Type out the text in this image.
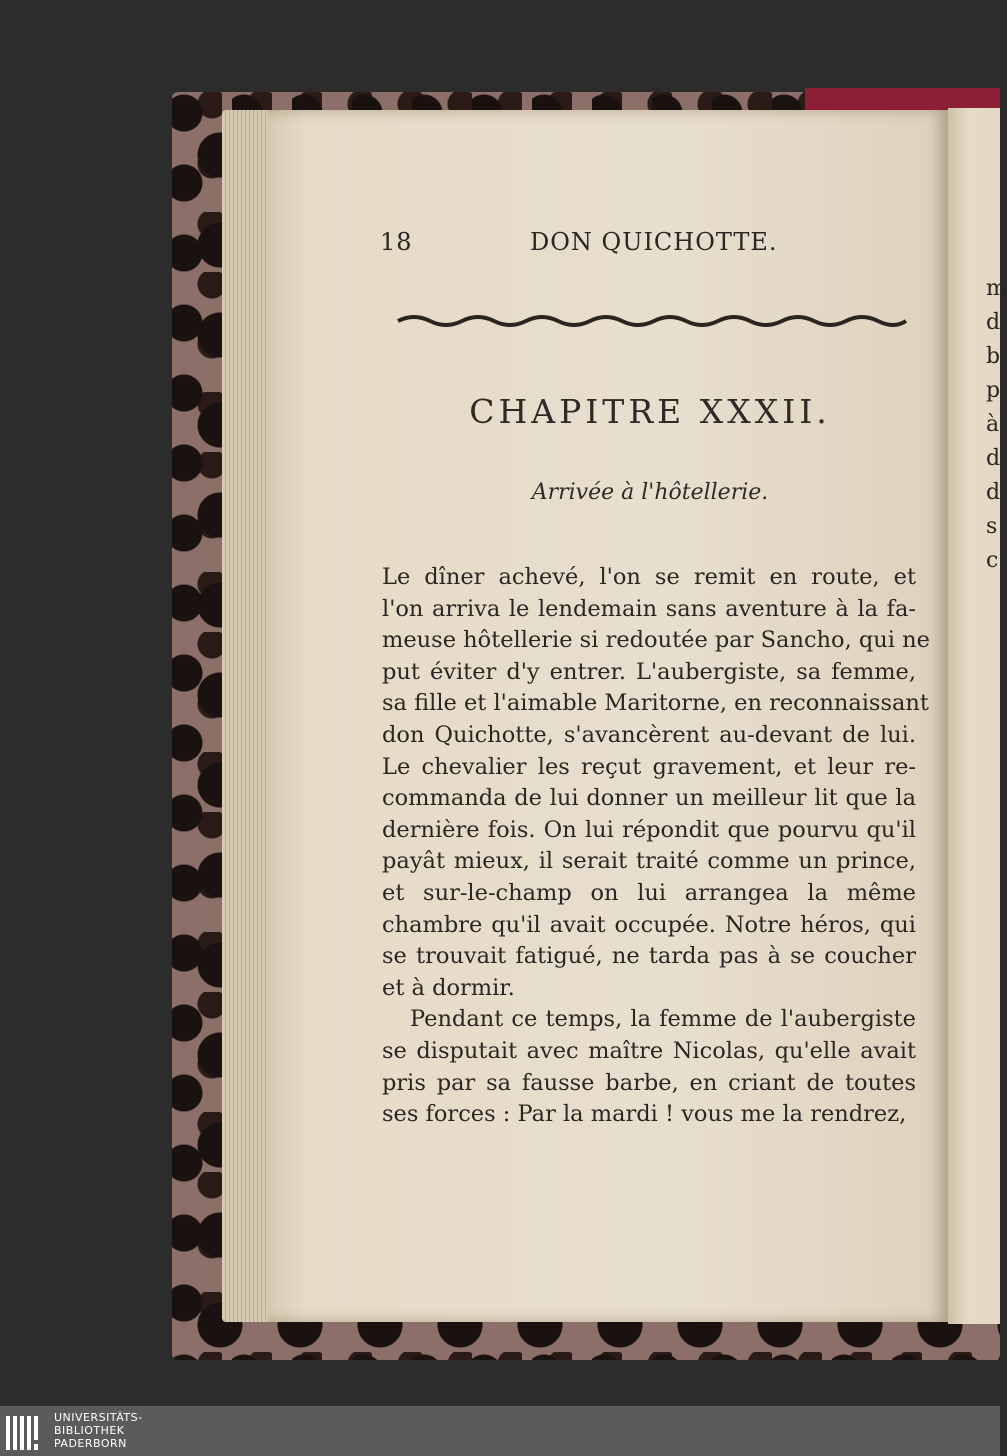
m
d
b
p
à
d
d
s
c
18	DON QUICHOTTE.
CHAPITRE XXXII.
Arrivée à l'hôtellerie.
Le dîner achevé, l'on se remit en route, et
l'on arriva le lendemain sans aventure à la fa-
meuse hôtellerie si redoutée par Sancho, qui ne
put éviter d'y entrer. L'aubergiste, sa femme,
sa fille et l'aimable Maritorne, en reconnaissant
don Quichotte, s'avancèrent au-devant de lui.
Le chevalier les reçut gravement, et leur re-
commanda de lui donner un meilleur lit que la
dernière fois. On lui répondit que pourvu qu'il
payât mieux, il serait traité comme un prince,
et sur-le-champ on lui arrangea la même
chambre qu'il avait occupée. Notre héros, qui
se trouvait fatigué, ne tarda pas à se coucher
et à dormir.
Pendant ce temps, la femme de l'aubergiste
se disputait avec maître Nicolas, qu'elle avait
pris par sa fausse barbe, en criant de toutes
ses forces : Par la mardi ! vous me la rendrez,
UNIVERSITÄTS-
BIBLIOTHEK
PADERBORN
